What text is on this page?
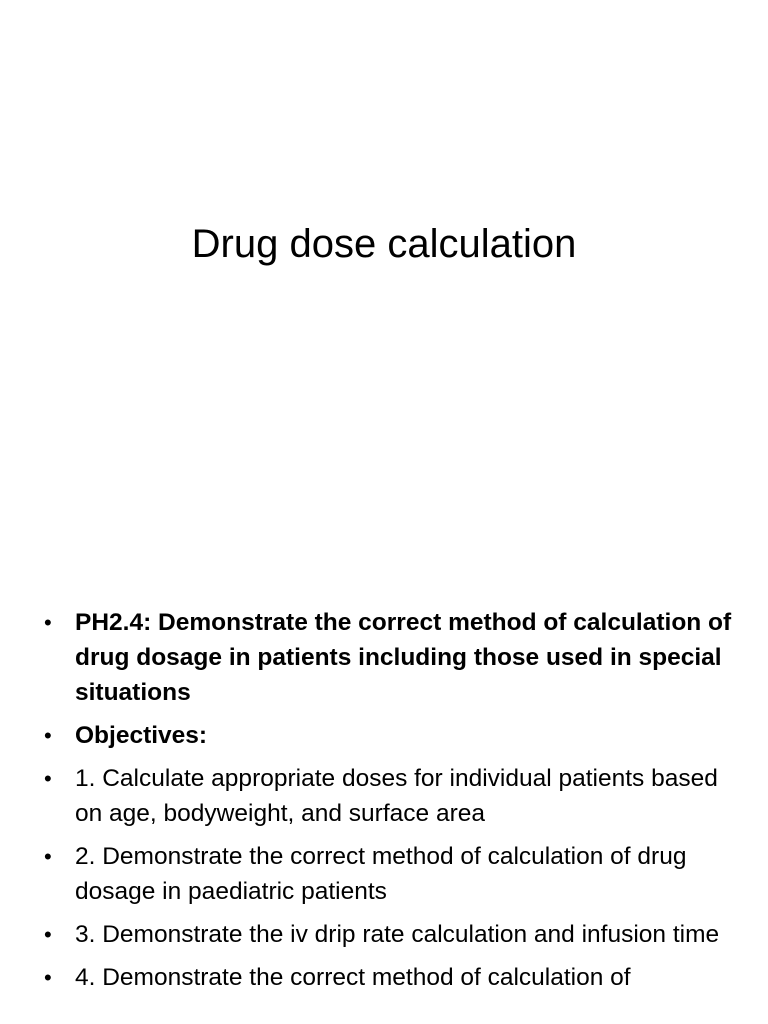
Drug dose calculation
• PH2.4: Demonstrate the correct method of calculation of drug dosage in patients including those used in special situations
• Objectives:
• 1. Calculate appropriate doses for individual patients based on age, bodyweight, and surface area
• 2. Demonstrate the correct method of calculation of drug dosage in paediatric patients
• 3. Demonstrate the iv drip rate calculation and infusion time
• 4. Demonstrate the correct method of calculation of
